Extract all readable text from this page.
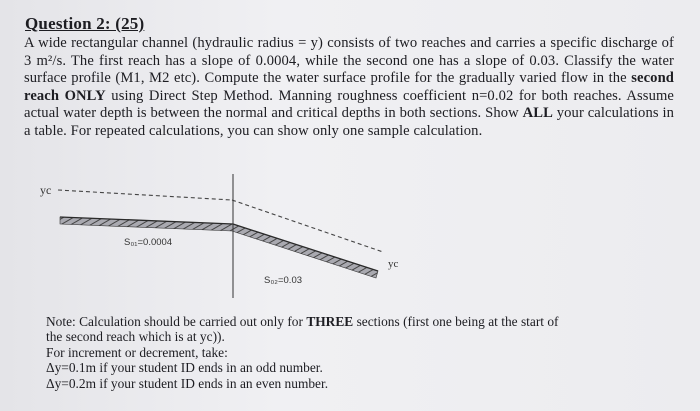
Question 2: (25)
A wide rectangular channel (hydraulic radius = y) consists of two reaches and carries a specific discharge of 3 m²/s. The first reach has a slope of 0.0004, while the second one has a slope of 0.03. Classify the water surface profile (M1, M2 etc). Compute the water surface profile for the gradually varied flow in the second reach ONLY using Direct Step Method. Manning roughness coefficient n=0.02 for both reaches. Assume actual water depth is between the normal and critical depths in both sections. Show ALL your calculations in a table. For repeated calculations, you can show only one sample calculation.
yc
yc
S₀₁=0.0004
S₀₂=0.03
Note: Calculation should be carried out only for THREE sections (first one being at the start of
the second reach which is at yc)).
For increment or decrement, take:
Δy=0.1m if your student ID ends in an odd number.
Δy=0.2m if your student ID ends in an even number.
